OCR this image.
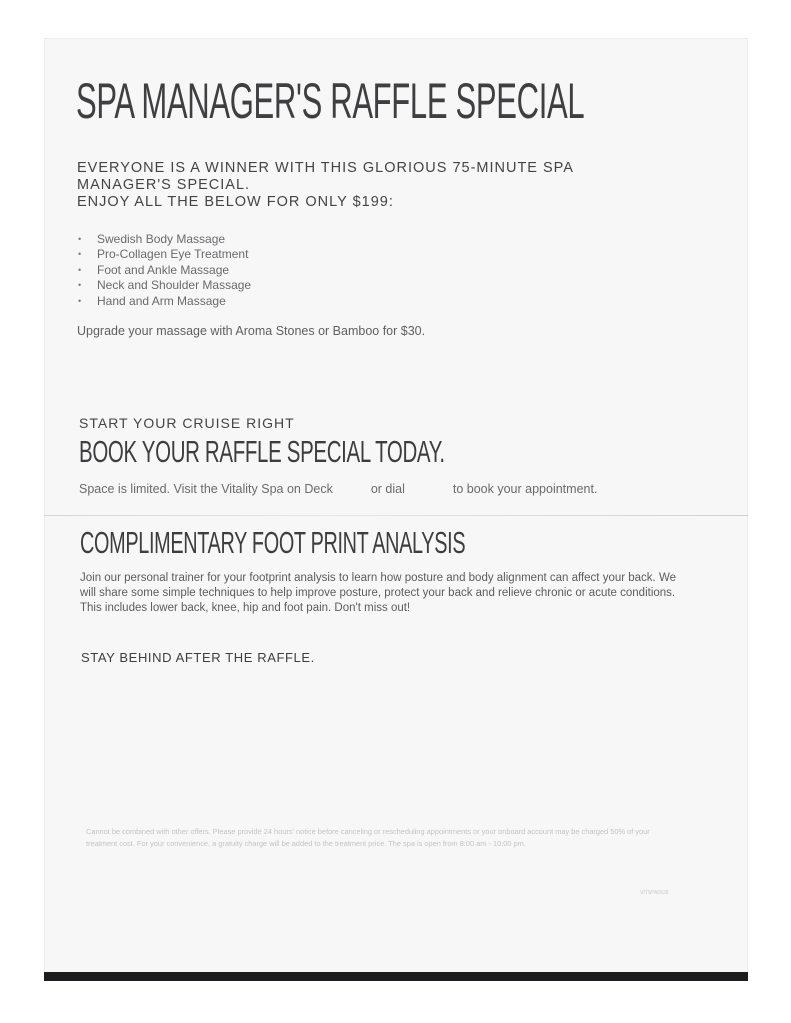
SPA MANAGER'S RAFFLE SPECIAL

EVERYONE IS A WINNER WITH THIS GLORIOUS 75-MINUTE SPA
MANAGER'S SPECIAL.
ENJOY ALL THE BELOW FOR ONLY $199:

•	Swedish Body Massage
•	Pro-Collagen Eye Treatment
•	Foot and Ankle Massage
•	Neck and Shoulder Massage
•	Hand and Arm Massage

Upgrade your massage with Aroma Stones or Bamboo for $30.

START YOUR CRUISE RIGHT

BOOK YOUR RAFFLE SPECIAL TODAY.

Space is limited. Visit the Vitality Spa on Deck	or dial	to book your appointment.

COMPLIMENTARY FOOT PRINT ANALYSIS

Join our personal trainer for your footprint analysis to learn how posture and body alignment can affect your back. We will share some simple techniques to help improve posture, protect your back and relieve chronic or acute conditions. This includes lower back, knee, hip and foot pain. Don't miss out!

STAY BEHIND AFTER THE RAFFLE.

Cannot be combined with other offers. Please provide 24 hours' notice before canceling or rescheduling appointments or your onboard account may be charged 50% of your treatment cost. For your convenience, a gratuity charge will be added to the treatment price. The spa is open from 8:00 am - 10:00 pm.

VITSPA0526
